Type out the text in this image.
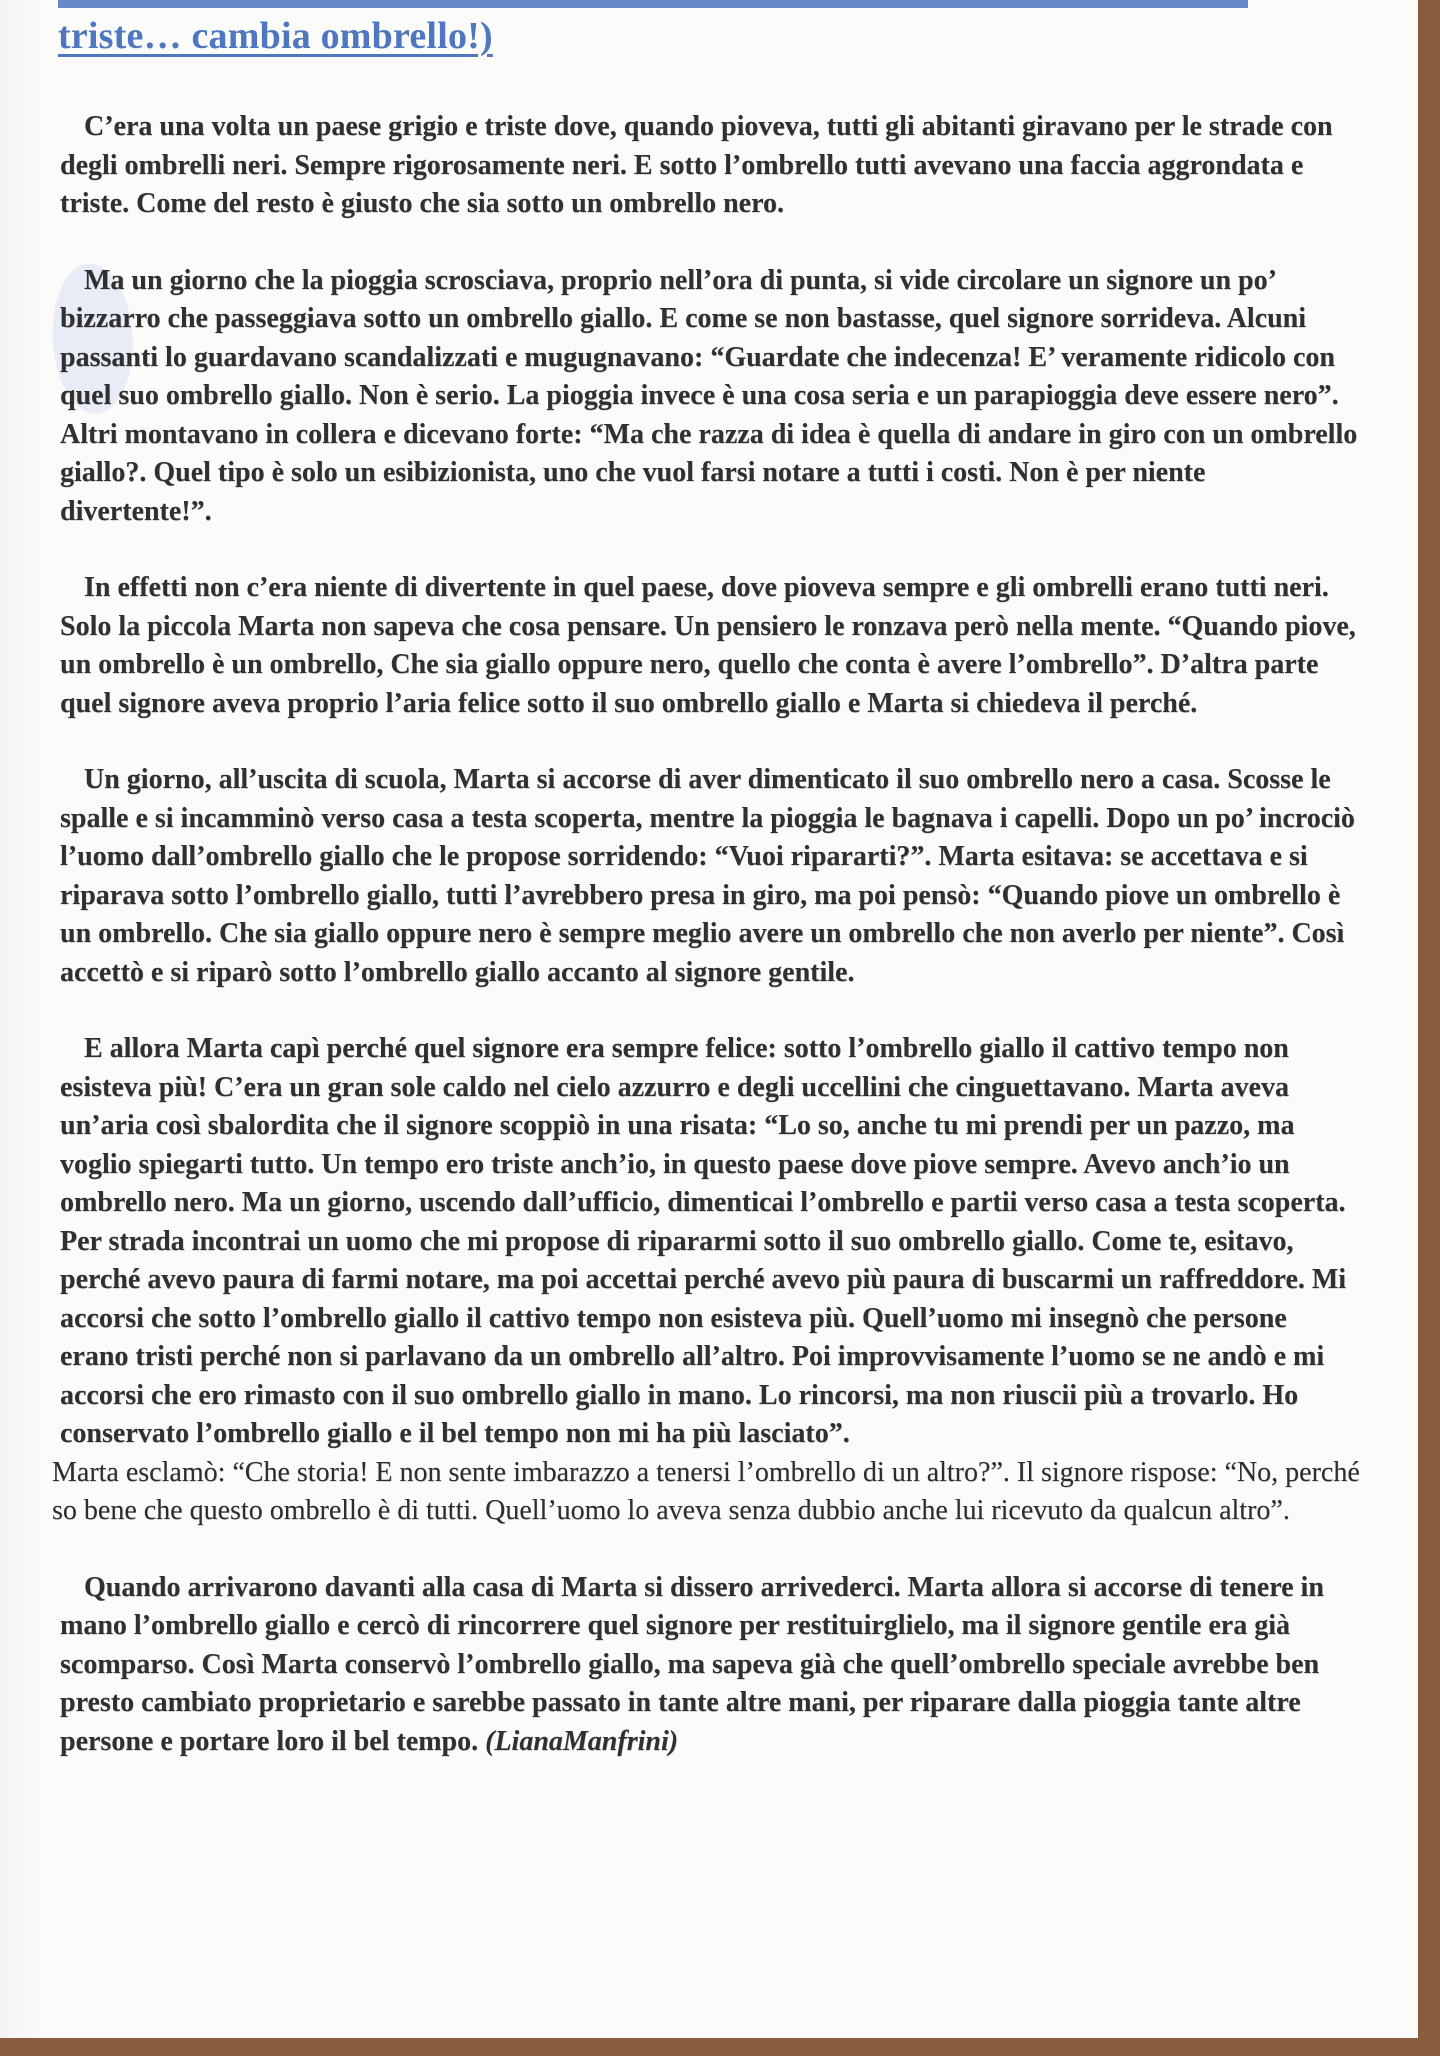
triste… cambia ombrello!)

C’era una volta un paese grigio e triste dove, quando pioveva, tutti gli abitanti giravano per le strade con degli ombrelli neri. Sempre rigorosamente neri. E sotto l’ombrello tutti avevano una faccia aggrondata e triste. Come del resto è giusto che sia sotto un ombrello nero.

Ma un giorno che la pioggia scrosciava, proprio nell’ora di punta, si vide circolare un signore un po’ bizzarro che passeggiava sotto un ombrello giallo. E come se non bastasse, quel signore sorrideva. Alcuni passanti lo guardavano scandalizzati e mugugnavano: “Guardate che indecenza! E’ veramente ridicolo con quel suo ombrello giallo. Non è serio. La pioggia invece è una cosa seria e un parapioggia deve essere nero”. Altri montavano in collera e dicevano forte: “Ma che razza di idea è quella di andare in giro con un ombrello giallo?. Quel tipo è solo un esibizionista, uno che vuol farsi notare a tutti i costi. Non è per niente divertente!”.

In effetti non c’era niente di divertente in quel paese, dove pioveva sempre e gli ombrelli erano tutti neri. Solo la piccola Marta non sapeva che cosa pensare. Un pensiero le ronzava però nella mente. “Quando piove, un ombrello è un ombrello, Che sia giallo oppure nero, quello che conta è avere l’ombrello”. D’altra parte quel signore aveva proprio l’aria felice sotto il suo ombrello giallo e Marta si chiedeva il perché.

Un giorno, all’uscita di scuola, Marta si accorse di aver dimenticato il suo ombrello nero a casa. Scosse le spalle e si incamminò verso casa a testa scoperta, mentre la pioggia le bagnava i capelli. Dopo un po’ incrociò l’uomo dall’ombrello giallo che le propose sorridendo: “Vuoi ripararti?”. Marta esitava: se accettava e si riparava sotto l’ombrello giallo, tutti l’avrebbero presa in giro, ma poi pensò: “Quando piove un ombrello è un ombrello. Che sia giallo oppure nero è sempre meglio avere un ombrello che non averlo per niente”. Così accettò e si riparò sotto l’ombrello giallo accanto al signore gentile.

E allora Marta capì perché quel signore era sempre felice: sotto l’ombrello giallo il cattivo tempo non esisteva più! C’era un gran sole caldo nel cielo azzurro e degli uccellini che cinguettavano. Marta aveva un’aria così sbalordita che il signore scoppiò in una risata: “Lo so, anche tu mi prendi per un pazzo, ma voglio spiegarti tutto. Un tempo ero triste anch’io, in questo paese dove piove sempre. Avevo anch’io un ombrello nero. Ma un giorno, uscendo dall’ufficio, dimenticai l’ombrello e partii verso casa a testa scoperta. Per strada incontrai un uomo che mi propose di ripararmi sotto il suo ombrello giallo. Come te, esitavo, perché avevo paura di farmi notare, ma poi accettai perché avevo più paura di buscarmi un raffreddore. Mi accorsi che sotto l’ombrello giallo il cattivo tempo non esisteva più. Quell’uomo mi insegnò che persone erano tristi perché non si parlavano da un ombrello all’altro. Poi improvvisamente l’uomo se ne andò e mi accorsi che ero rimasto con il suo ombrello giallo in mano. Lo rincorsi, ma non riuscii più a trovarlo. Ho conservato l’ombrello giallo e il bel tempo non mi ha più lasciato”.

Marta esclamò: “Che storia! E non sente imbarazzo a tenersi l’ombrello di un altro?”. Il signore rispose: “No, perché so bene che questo ombrello è di tutti. Quell’uomo lo aveva senza dubbio anche lui ricevuto da qualcun altro”.

Quando arrivarono davanti alla casa di Marta si dissero arrivederci. Marta allora si accorse di tenere in mano l’ombrello giallo e cercò di rincorrere quel signore per restituirglielo, ma il signore gentile era già scomparso. Così Marta conservò l’ombrello giallo, ma sapeva già che quell’ombrello speciale avrebbe ben presto cambiato proprietario e sarebbe passato in tante altre mani, per riparare dalla pioggia tante altre persone e portare loro il bel tempo. (LianaManfrini)
